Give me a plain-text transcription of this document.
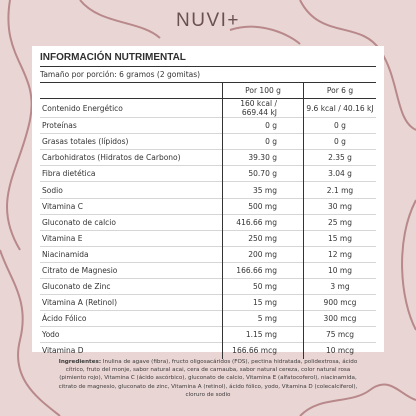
NUVI+
INFORMACIÓN NUTRIMENTAL
Tamaño por porción: 6 gramos (2 gomitas)
	Por 100 g	Por 6 g
Contenido Energético	160 kcal / 669.44 kJ	9.6 kcal / 40.16 kJ
Proteínas	0 g	0 g
Grasas totales (lípidos)	0 g	0 g
Carbohidratos (Hidratos de Carbono)	39.30 g	2.35 g
Fibra dietética	50.70 g	3.04 g
Sodio	35 mg	2.1 mg
Vitamina C	500 mg	30 mg
Gluconato de calcio	416.66 mg	25 mg
Vitamina E	250 mg	15 mg
Niacinamida	200 mg	12 mg
Citrato de Magnesio	166.66 mg	10 mg
Gluconato de Zinc	50 mg	3 mg
Vitamina A (Retinol)	15 mg	900 mcg
Ácido Fólico	5 mg	300 mcg
Yodo	1.15 mg	75 mcg
Vitamina D	166.66 mcg	10 mcg
Ingredientes: Inulina de agave (fibra), fructo oligosacáridos (FOS), pectina hidratada, polidextrosa, ácido cítrico, fruto del monje, sabor natural acai, cera de carnauba, sabor natural cereza, color natural rosa (pimiento rojo), Vitamina C (ácido ascórbico), gluconato de calcio, Vitamina E (alfatocoferol), niacinamida, citrato de magnesio, gluconato de zinc, Vitamina A (retinol), ácido fólico, yodo, Vitamina D (colecalciferol), cloruro de sodio
